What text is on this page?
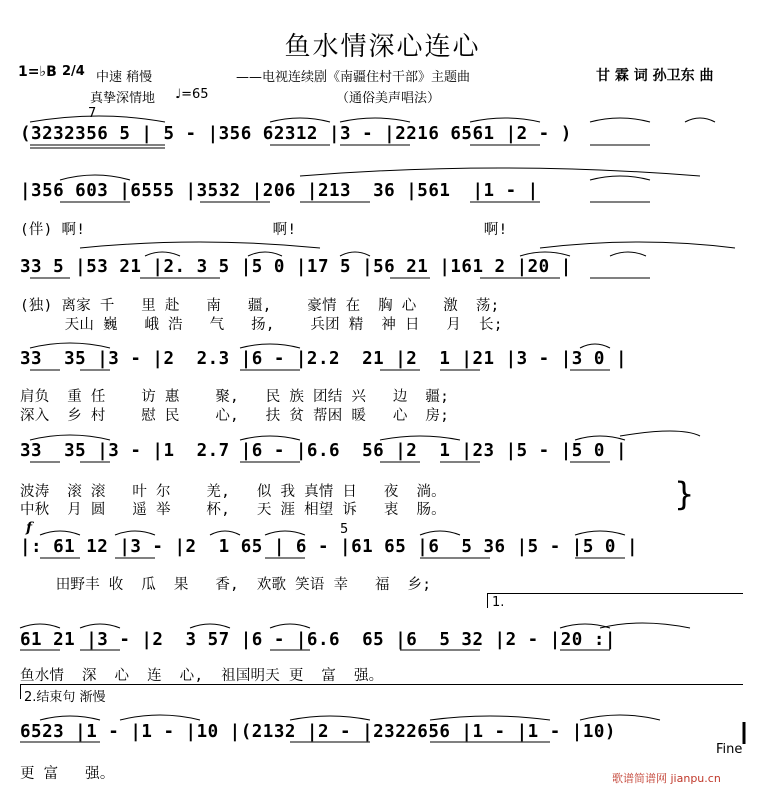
鱼水情深心连心
1=♭B 2/4 中速 稍慢	——电视连续剧《南疆住村干部》主题曲	甘 霖 词 孙卫东 曲
真挚深情地 ♩=65	（通俗美声唱法）
7
f	5
(3232356 5 | 5 - |356 62312 |3 - |2216 6561 |2 - )
|356 603 |6555 |3532 |206 |213  36 |561  |1 - |
(伴) 啊!                     啊!                     啊!
33 5 |53 21 |2. 3 5 |5 0 |17 5 |56 21 |161 2 |20 |
(独) 离家 千   里 赴   南   疆,    豪情 在  胸 心   激  荡;
天山 巍   峨 浩   气   扬,    兵团 精  神 日   月  长;
33  35 |3 - |2  2.3 |6 - |2.2  21 |2  1 |21 |3 - |3 0 |
肩负  重 任    访 惠    聚,   民 族 团结 兴   边  疆;
深入  乡 村    慰 民    心,   扶 贫 帮困 暖   心  房;
33  35 |3 - |1  2.7 |6 - |6.6  56 |2  1 |23 |5 - |5 0 |
波涛  滚 滚   叶 尔    羌,   似 我 真情 日   夜  淌。
中秋  月 圆   遥 举    杯,   天 涯 相望 诉   衷  肠。	}
|: 61 12 |3 - |2  1 65 | 6 - |61 65 |6  5 36 |5 - |5 0 |
田野丰 收  瓜  果   香,  欢歌 笑语 幸   福  乡;
1.
61 21 |3 - |2  3 57 |6 - |6.6  65 |6  5 32 |2 - |20 :|
鱼水情  深  心  连  心,  祖国明天 更  富  强。
2.结束句 渐慢
6523 |1 - |1 - |10 |(2132 |2 - |2322656 |1 - |1 - |10)
更 富   强。
Fine
歌谱简谱网 jianpu.cn
